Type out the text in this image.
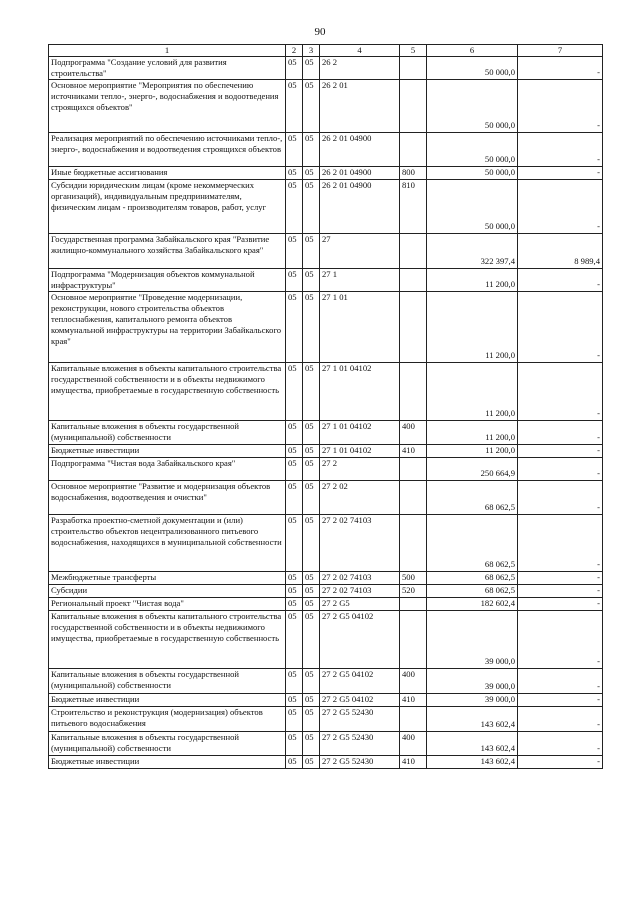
90
1	2	3	4	5	6	7
Подпрограмма "Создание условий для развития строительства"	05	05	26 2		50 000,0	-
Основное мероприятие "Мероприятия по обеспечению источниками тепло-, энерго-, водоснабжения и водоотведения строящихся объектов"	05	05	26 2 01		50 000,0	-
Реализация мероприятий по обеспечению источниками тепло-, энерго-, водоснабжения и водоотведения строящихся объектов	05	05	26 2 01 04900		50 000,0	-
Иные бюджетные ассигнования	05	05	26 2 01 04900	800	50 000,0	-
Субсидии юридическим лицам (кроме некоммерческих организаций), индивидуальным предпринимателям, физическим лицам - производителям товаров, работ, услуг	05	05	26 2 01 04900	810	50 000,0	-
Государственная программа Забайкальского края "Развитие жилищно-коммунального хозяйства Забайкальского края"	05	05	27		322 397,4	8 989,4
Подпрограмма "Модернизация объектов коммунальной инфраструктуры"	05	05	27 1		11 200,0	-
Основное мероприятие "Проведение модернизации, реконструкции, нового строительства объектов теплоснабжения, капитального ремонта объектов коммунальной инфраструктуры на территории Забайкальского края"	05	05	27 1 01		11 200,0	-
Капитальные вложения в объекты капитального строительства государственной собственности и в объекты недвижимого имущества, приобретаемые в государственную собственность	05	05	27 1 01 04102		11 200,0	-
Капитальные вложения в объекты государственной (муниципальной) собственности	05	05	27 1 01 04102	400	11 200,0	-
Бюджетные инвестиции	05	05	27 1 01 04102	410	11 200,0	-
Подпрограмма "Чистая вода Забайкальского края"	05	05	27 2		250 664,9	-
Основное мероприятие "Развитие и модернизация объектов водоснабжения, водоотведения и очистки"	05	05	27 2 02		68 062,5	-
Разработка проектно-сметной документации и (или) строительство объектов нецентрализованного питьевого водоснабжения, находящихся в муниципальной собственности	05	05	27 2 02 74103		68 062,5	-
Межбюджетные трансферты	05	05	27 2 02 74103	500	68 062,5	-
Субсидии	05	05	27 2 02 74103	520	68 062,5	-
Региональный проект "Чистая вода"	05	05	27 2 G5		182 602,4	-
Капитальные вложения в объекты капитального строительства государственной собственности и в объекты недвижимого имущества, приобретаемые в государственную собственность	05	05	27 2 G5 04102		39 000,0	-
Капитальные вложения в объекты государственной (муниципальной) собственности	05	05	27 2 G5 04102	400	39 000,0	-
Бюджетные инвестиции	05	05	27 2 G5 04102	410	39 000,0	-
Строительство и реконструкция (модернизация) объектов питьевого водоснабжения	05	05	27 2 G5 52430		143 602,4	-
Капитальные вложения в объекты государственной (муниципальной) собственности	05	05	27 2 G5 52430	400	143 602,4	-
Бюджетные инвестиции	05	05	27 2 G5 52430	410	143 602,4	-
